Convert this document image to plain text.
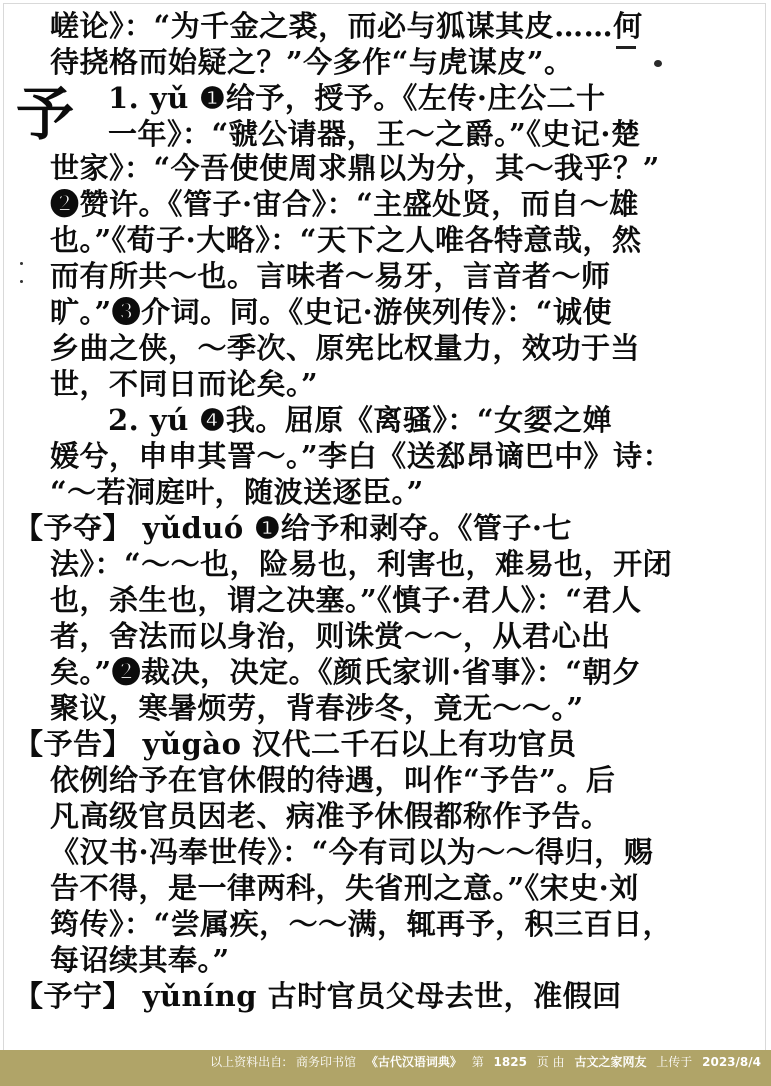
予
嵯论》：“为千金之裘，而必与狐谋其皮……何
待挠格而始疑之？”今多作“与虎谋皮”。
1. yǔ ❶给予，授予。《左传·庄公二十
一年》：“虢公请器，王～之爵。”《史记·楚
世家》：“今吾使使周求鼎以为分，其～我乎？”
❷赞许。《管子·宙合》：“主盛处贤，而自～雄
也。”《荀子·大略》：“天下之人唯各特意哉，然
而有所共～也。言味者～易牙，言音者～师
旷。”❸介词。同。《史记·游侠列传》：“诚使
乡曲之侠，～季次、原宪比权量力，效功于当
世，不同日而论矣。”
2. yú ❹我。屈原《离骚》：“女媭之婵
媛兮，申申其詈～。”李白《送郄昂谪巴中》诗：
“～若洞庭叶，随波送逐臣。”
【予夺】 yǔduó ❶给予和剥夺。《管子·七
法》：“～～也，险易也，利害也，难易也，开闭
也，杀生也，谓之决塞。”《慎子·君人》：“君人
者，舍法而以身治，则诛赏～～，从君心出
矣。”❷裁决，决定。《颜氏家训·省事》：“朝夕
聚议，寒暑烦劳，背春涉冬，竟无～～。”
【予告】 yǔgào 汉代二千石以上有功官员
依例给予在官休假的待遇，叫作“予告”。后
凡高级官员因老、病准予休假都称作予告。
《汉书·冯奉世传》：“今有司以为～～得归，赐
告不得，是一律两科，失省刑之意。”《宋史·刘
筠传》：“尝属疾，～～满，辄再予，积三百日，
每诏续其奉。”
【予宁】 yǔníng 古时官员父母去世，准假回
以上资料出自: 商务印书馆 《古代汉语词典》 第 1825 页 由 古文之家网友 上传于 2023/8/4
